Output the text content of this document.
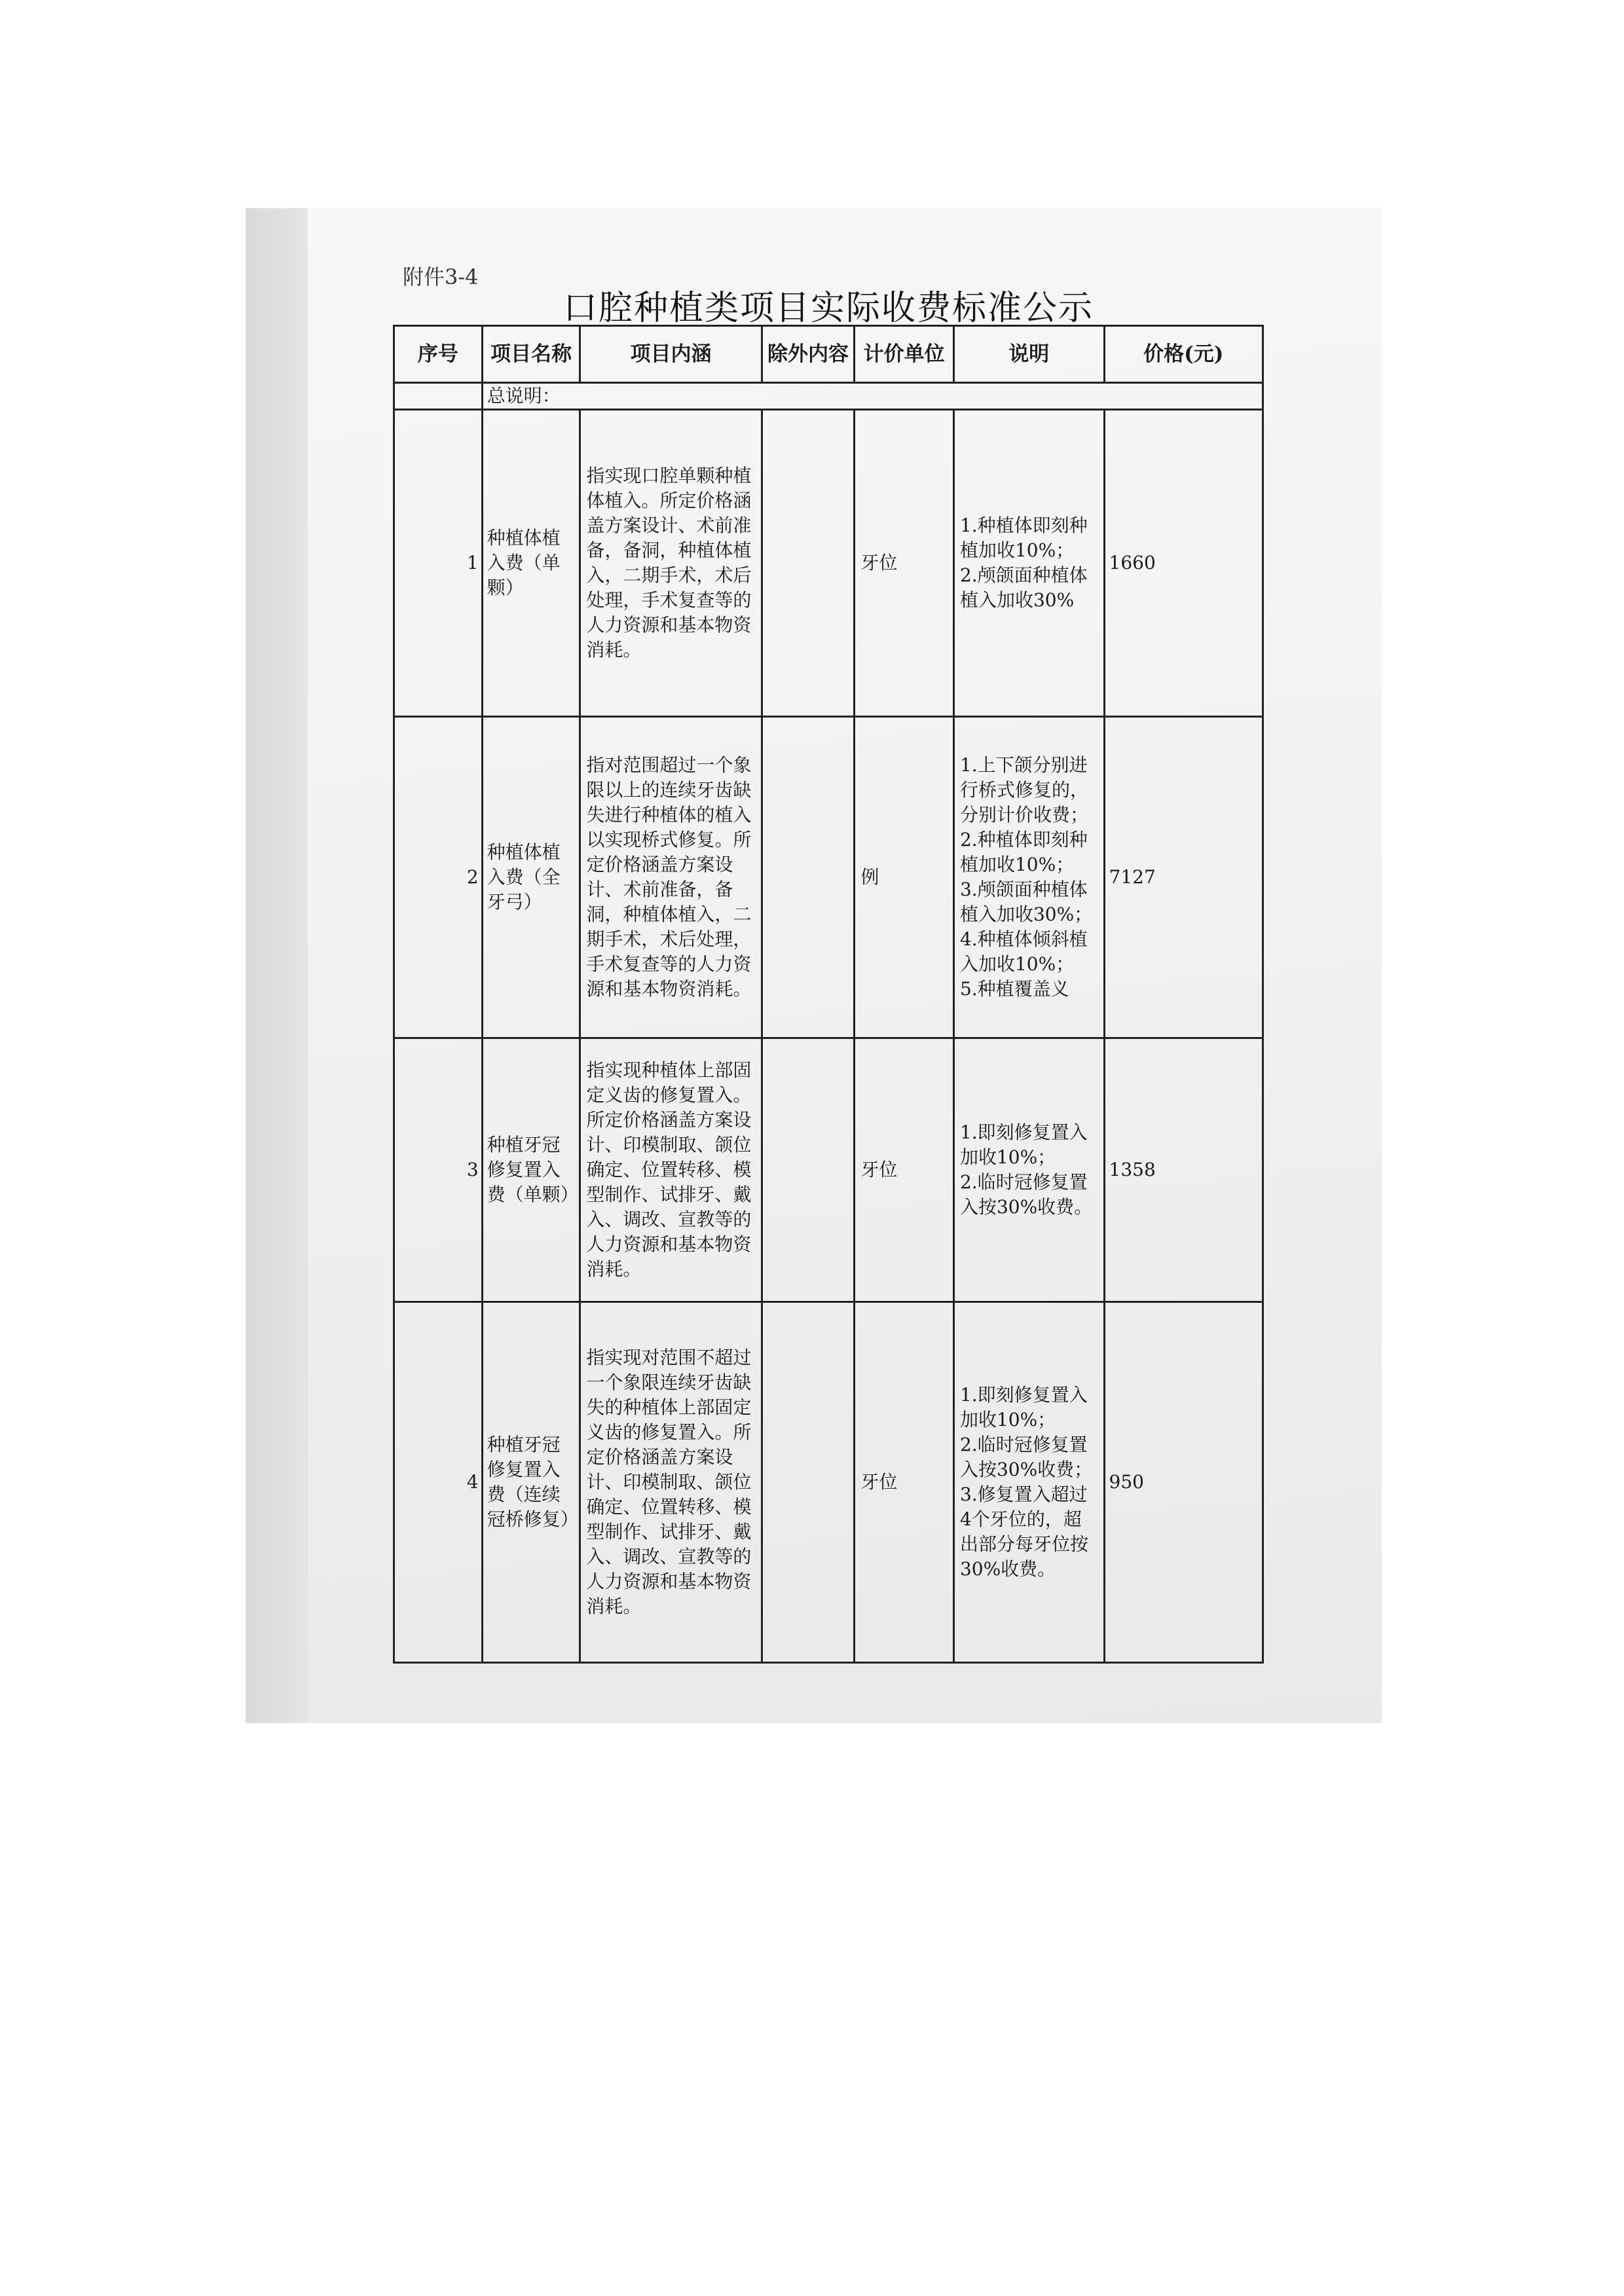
附件3-4
口腔种植类项目实际收费标准公示
序号	项目名称	项目内涵	除外内容	计价单位	说明	价格(元)
	总说明：					
1	种植体植入费（单颗）	指实现口腔单颗种植体植入。所定价格涵盖方案设计、术前准备，备洞，种植体植入，二期手术，术后处理，手术复查等的人力资源和基本物资消耗。		牙位	1.种植体即刻种植加收10%；
2.颅颌面种植体植入加收30%	1660
2	种植体植入费（全牙弓）	指对范围超过一个象限以上的连续牙齿缺失进行种植体的植入以实现桥式修复。所定价格涵盖方案设计、术前准备，备洞，种植体植入，二期手术，术后处理，手术复查等的人力资源和基本物资消耗。		例	1.上下颌分别进行桥式修复的，分别计价收费；
2.种植体即刻种植加收10%；
3.颅颌面种植体植入加收30%；
4.种植体倾斜植入加收10%；
5.种植覆盖义	7127
3	种植牙冠修复置入费（单颗）	指实现种植体上部固定义齿的修复置入。所定价格涵盖方案设计、印模制取、颌位确定、位置转移、模型制作、试排牙、戴入、调改、宣教等的人力资源和基本物资消耗。		牙位	1.即刻修复置入加收10%；
2.临时冠修复置入按30%收费。	1358
4	种植牙冠修复置入费（连续冠桥修复）	指实现对范围不超过一个象限连续牙齿缺失的种植体上部固定义齿的修复置入。所定价格涵盖方案设计、印模制取、颌位确定、位置转移、模型制作、试排牙、戴入、调改、宣教等的人力资源和基本物资消耗。		牙位	1.即刻修复置入加收10%；
2.临时冠修复置入按30%收费；
3.修复置入超过4个牙位的，超出部分每牙位按30%收费。	950
